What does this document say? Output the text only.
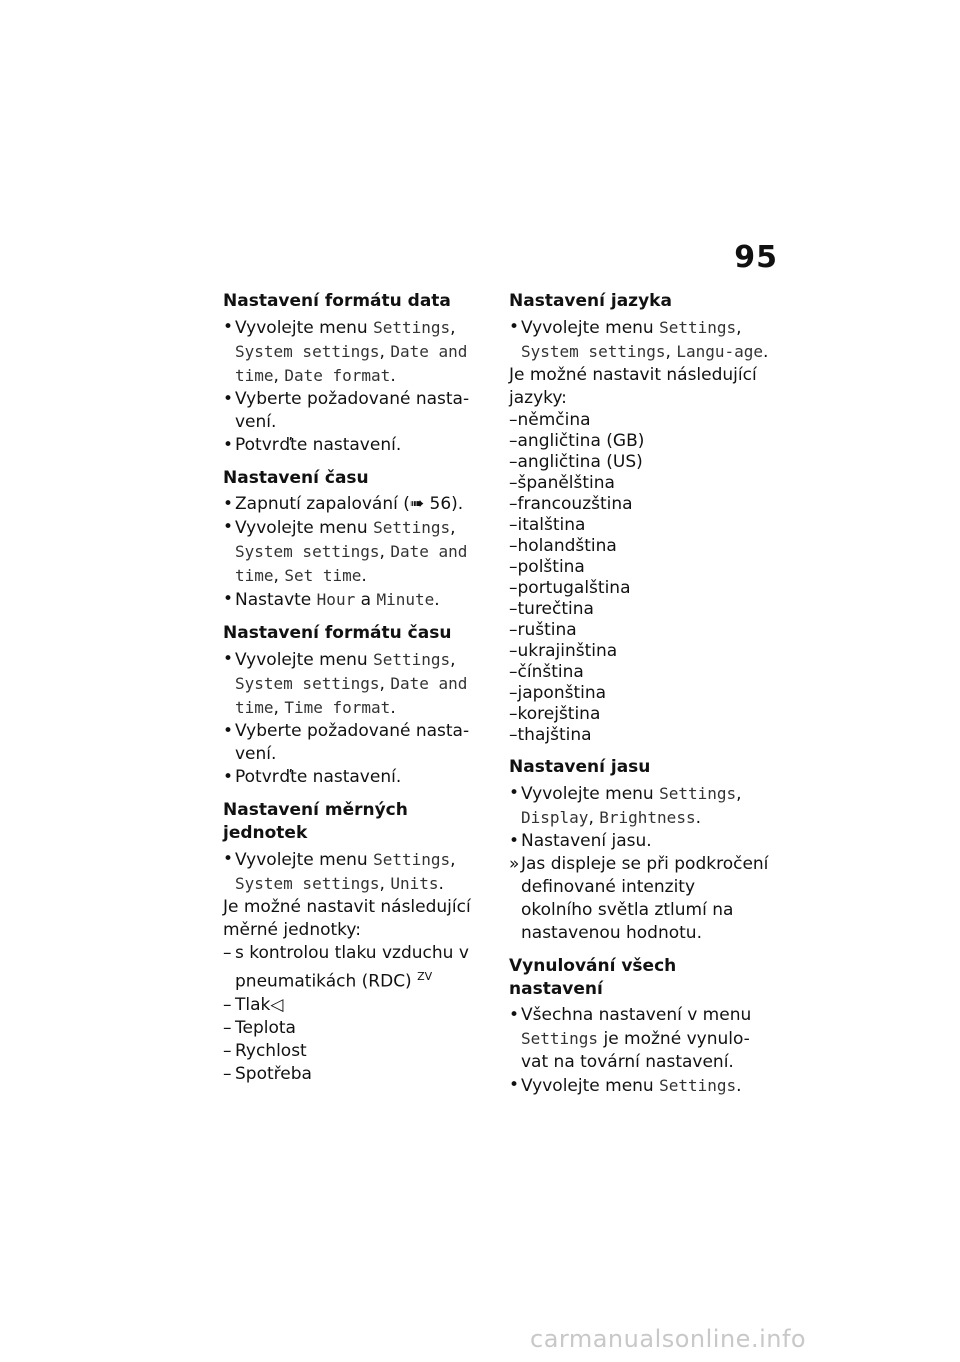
95
Nastavení formátu data
• Vyvolejte menu Settings, System settings, Date and time, Date format.
• Vyberte požadované nasta-vení.
• Potvrďte nastavení.
Nastavení času
• Zapnutí zapalování (➠ 56).
• Vyvolejte menu Settings, System settings, Date and time, Set time.
• Nastavte Hour a Minute.
Nastavení formátu času
• Vyvolejte menu Settings, System settings, Date and time, Time format.
• Vyberte požadované nasta-vení.
• Potvrďte nastavení.
Nastavení měrných jednotek
• Vyvolejte menu Settings, System settings, Units.

Je možné nastavit následující měrné jednotky:

– s kontrolou tlaku vzduchu v pneumatikách (RDC) $^{ZV}$
– Tlak◁
– Teplota
– Rychlost
– Spotřeba
Nastavení jazyka
• Vyvolejte menu Settings, System settings, Langu-age.

Je možné nastavit následující jazyky:

–němčina
–angličtina (GB)
–angličtina (US)
–španělština
–francouzština
–italština
–holandština
–polština
–portugalština
–turečtina
–ruština
–ukrajinština
–čínština
–japonština
–korejština
–thajština
Nastavení jasu
• Vyvolejte menu Settings, Display, Brightness.
• Nastavení jasu.
» Jas displeje se při podkročení definované intenzity okolního světla ztlumí na nastavenou hodnotu.
Vynulování všech nastavení
• Všechna nastavení v menu Settings je možné vynulo-vat na tovární nastavení.
• Vyvolejte menu Settings.
carmanualsonline.info
